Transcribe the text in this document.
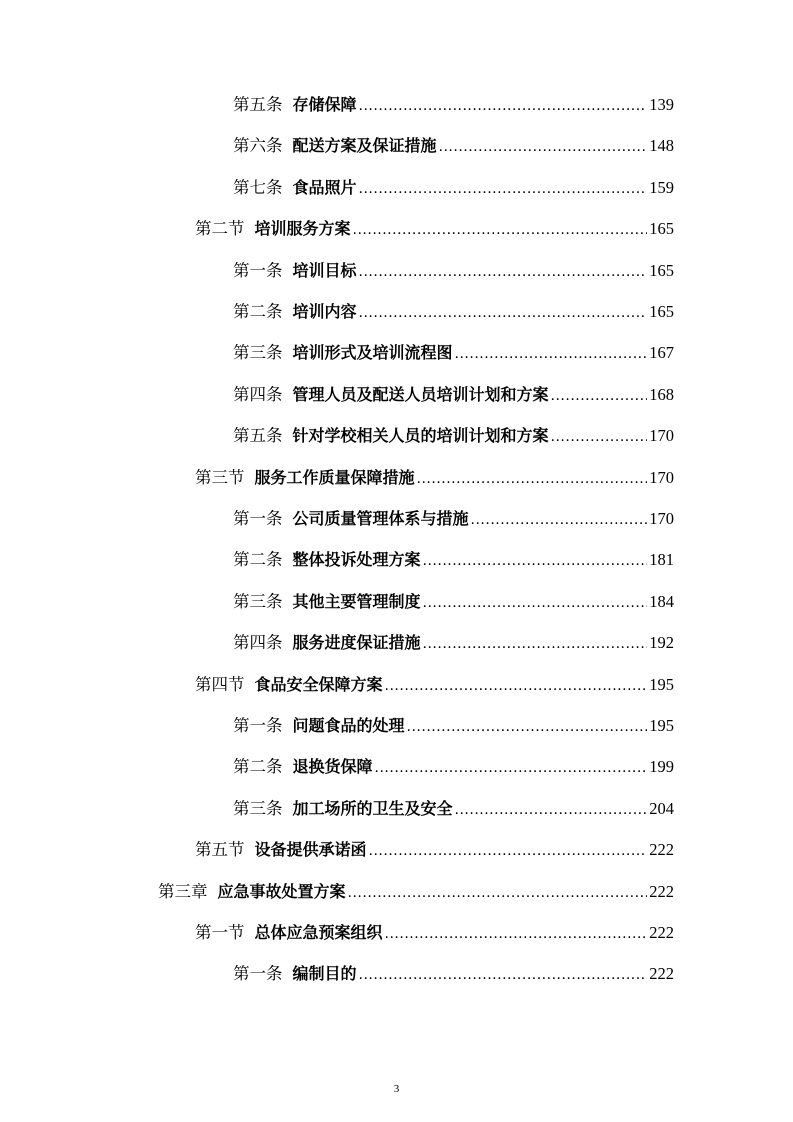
第五条 存储保障 .....	139
第六条 配送方案及保证措施 .....	148
第七条 食品照片 .....	159
第二节 培训服务方案 .....	165
第一条 培训目标 .....	165
第二条 培训内容 .....	165
第三条 培训形式及培训流程图 .....	167
第四条 管理人员及配送人员培训计划和方案 .....	168
第五条 针对学校相关人员的培训计划和方案 .....	170
第三节 服务工作质量保障措施 .....	170
第一条 公司质量管理体系与措施 .....	170
第二条 整体投诉处理方案 .....	181
第三条 其他主要管理制度 .....	184
第四条 服务进度保证措施 .....	192
第四节 食品安全保障方案 .....	195
第一条 问题食品的处理 .....	195
第二条 退换货保障 .....	199
第三条 加工场所的卫生及安全 .....	204
第五节 设备提供承诺函 .....	222
第三章 应急事故处置方案 .....	222
第一节 总体应急预案组织 .....	222
第一条 编制目的 .....	222
3
